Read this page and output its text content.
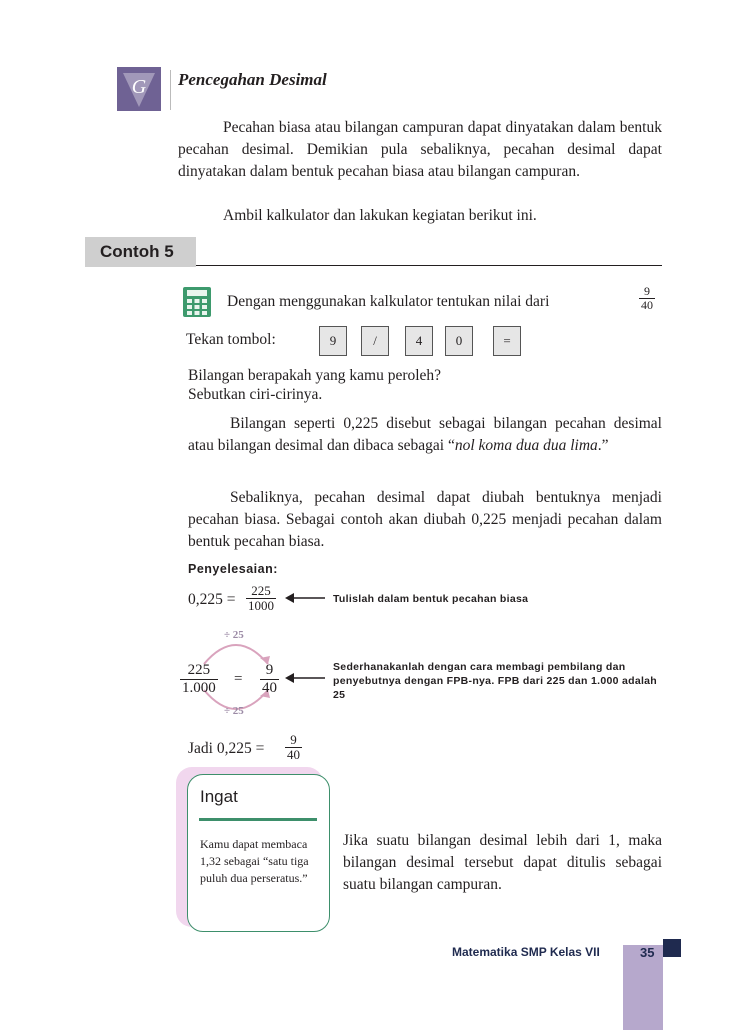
G	Pencegahan Desimal
Pecahan biasa atau bilangan campuran dapat dinyatakan dalam bentuk pecahan desimal. Demikian pula sebaliknya, pecahan desimal dapat dinyatakan dalam bentuk pecahan biasa atau bilangan campuran.
Ambil kalkulator dan lakukan kegiatan berikut ini.
Contoh 5
Dengan menggunakan kalkulator tentukan nilai dari	$\frac{9}{40}$
Tekan tombol:	9	/	4	0	=
Bilangan berapakah yang kamu peroleh?
Sebutkan ciri-cirinya.
Bilangan seperti 0,225 disebut sebagai bilangan pecahan desimal atau bilangan desimal dan dibaca sebagai “nol koma dua dua lima.”
Sebaliknya, pecahan desimal dapat diubah bentuknya menjadi pecahan biasa. Sebagai contoh akan diubah 0,225 menjadi pecahan dalam bentuk pecahan biasa.
Penyelesaian:
$0,225 = \frac{225}{1000}$	Tulislah dalam bentuk pecahan biasa
÷ 25
÷ 25
$\frac{225}{1.000} = \frac{9}{40}$	Sederhanakanlah dengan cara membagi pembilang dan penyebutnya dengan FPB-nya. FPB dari 225 dan 1.000 adalah 25
Jadi $0,225 = \frac{9}{40}$
Ingat
Kamu dapat membaca 1,32 sebagai “satu tiga puluh dua perseratus.”
Jika suatu bilangan desimal lebih dari 1, maka bilangan desimal tersebut dapat ditulis sebagai suatu bilangan campuran.
Matematika SMP Kelas VII	35
